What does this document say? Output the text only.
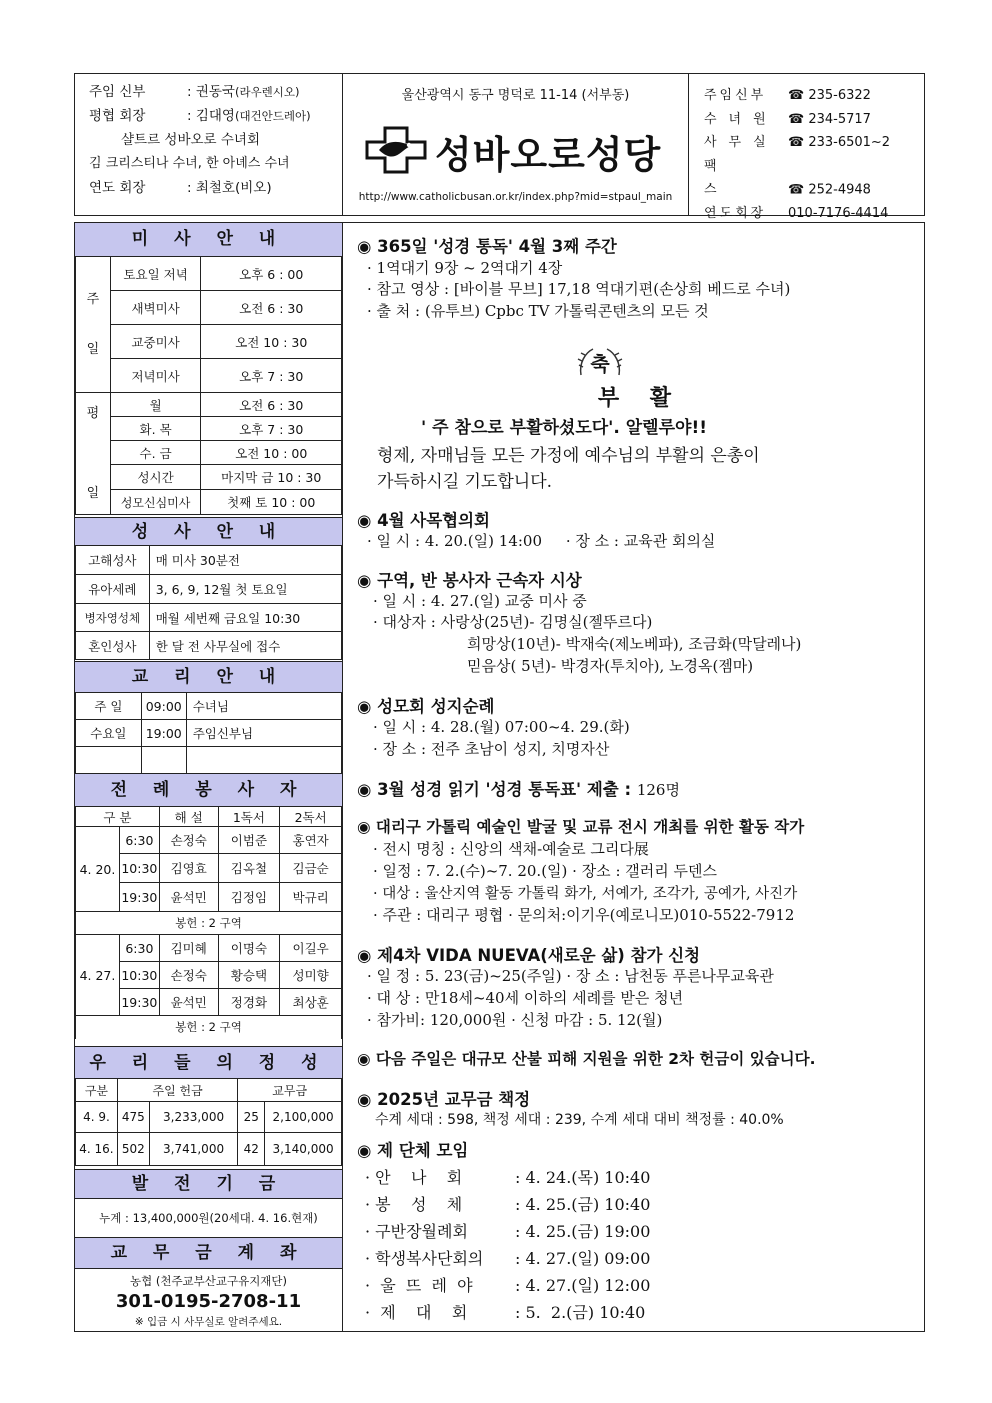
주임 신부	: 권동국(라우렌시오)
평협 회장	: 김대영(대건안드레아)
샬트르 성바오로 수녀회
김 크리스티나 수녀, 한 아녜스 수녀
연도 회장	: 최철호(비오)
울산광역시 동구 명덕로 11-14 (서부동)
성바오로성당
http://www.catholicbusan.or.kr/index.php?mid=stpaul_main
주임신부 ☎ 235-6322
수녀원 ☎ 234-5717
사무실 ☎ 233-6501~2
팩스	☎ 252-4948
연도회장 010-7176-4414
미 사 안 내
주
일	토요일 저녁	오후 6 : 00
	새벽미사	오전 6 : 30
	교중미사	오전 10 : 30
	저녁미사	오후 7 : 30
평

일	월	오전 6 : 30
	화. 목	오후 7 : 30
	수. 금	오전 10 : 00
	성시간	마지막 금 10 : 30
	성모신심미사	첫째 토 10 : 00
성 사 안 내
고해성사	매 미사 30분전
유아세례	3, 6, 9, 12월 첫 토요일
병자영성체	매월 세번째 금요일 10:30
혼인성사	한 달 전 사무실에 접수
교 리 안 내
주 일	09:00	수녀님
수요일	19:00	주임신부님

전 례 봉 사 자
구 분		해 설	1독서	2독서
4. 20.	6:30	손정숙	이범준	홍연자
	10:30	김영효	김옥철	김금순
	19:30	윤석민	김정임	박규리
봉헌 : 2 구역				
4. 27.	6:30	김미혜	이명숙	이길우
	10:30	손정숙	황승택	성미향
	19:30	윤석민	정경화	최상훈
봉헌 : 2 구역				
우 리 들 의 정 성
구분	주일 헌금		교무금	
4. 9.	475	3,233,000	25	2,100,000
4. 16.	502	3,741,000	42	3,140,000
발 전 기 금
누계 : 13,400,000원(20세대. 4. 16.현재)
교 무 금 계 좌
농협 (천주교부산교구유지재단)
301-0195-2708-11
※ 입금 시 사무실로 알려주세요.
◉ 365일 '성경 통독' 4월 3째 주간
· 1역대기 9장 ~ 2역대기 4장
· 참고 영상 : [바이블 무브] 17,18 역대기편(손상희 베드로 수녀)
· 출 처 : (유투브) Cpbc TV 가톨릭콘텐츠의 모든 것
축
부    활
' 주 참으로 부활하셨도다'. 알렐루야!!
형제, 자매님들 모든 가정에 예수님의 부활의 은총이
가득하시길 기도합니다.
◉ 4월 사목협의회
· 일 시 : 4. 20.(일) 14:00     · 장 소 : 교육관 회의실
◉ 구역, 반 봉사자 근속자 시상
· 일 시 : 4. 27.(일) 교중 미사 중
· 대상자 : 사랑상(25년)- 김명실(젤뚜르다)
희망상(10년)- 박재숙(제노베파), 조금화(막달레나)
믿음상( 5년)- 박경자(투치아), 노경옥(젬마)
◉ 성모회 성지순례
· 일 시 : 4. 28.(월) 07:00~4. 29.(화)
· 장 소 : 전주 초남이 성지, 치명자산
◉ 3월 성경 읽기 '성경 통독표' 제출 : 126명
◉ 대리구 가톨릭 예술인 발굴 및 교류 전시 개최를 위한 활동 작가
· 전시 명칭 : 신앙의 색채-예술로 그리다展
· 일정 : 7. 2.(수)~7. 20.(일) · 장소 : 갤러리 두덴스
· 대상 : 울산지역 활동 가톨릭 화가, 서예가, 조각가, 공예가, 사진가
· 주관 : 대리구 평협 · 문의처:이기우(예로니모)010-5522-7912
◉ 제4차 VIDA NUEVA(새로운 삶) 참가 신청
· 일 정 : 5. 23(금)~25(주일) · 장 소 : 남천동 푸른나무교육관
· 대 상 : 만18세~40세 이하의 세례를 받은 청년
· 참가비: 120,000원 · 신청 마감 : 5. 12(월)
◉ 다음 주일은 대규모 산불 피해 지원을 위한 2차 헌금이 있습니다.
◉ 2025년 교무금 책정
수계 세대 : 598, 책정 세대 : 239, 수계 세대 대비 책정률 : 40.0%
◉ 제 단체 모임
· 안    나    회	: 4. 24.(목) 10:40
· 봉    성    체	: 4. 25.(금) 10:40
· 구반장월례회	: 4. 25.(금) 19:00
· 학생복사단회의 : 4. 27.(일) 09:00
·  울  뜨  레  야	: 4. 27.(일) 12:00
·  제    대    회	: 5.  2.(금) 10:40
